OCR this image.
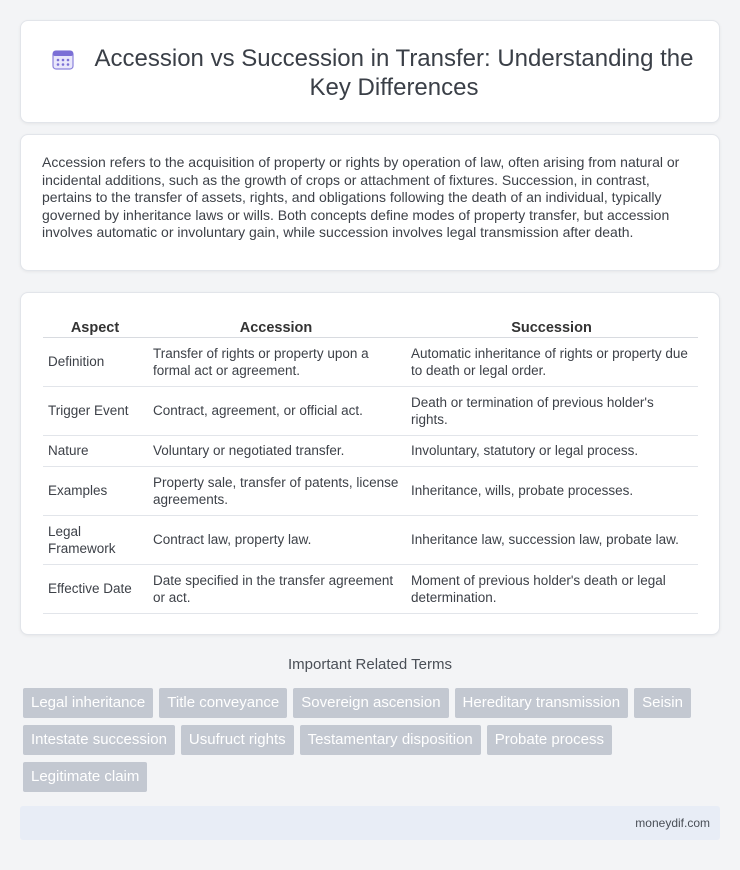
Accession vs Succession in Transfer: Understanding the Key Differences

Accession refers to the acquisition of property or rights by operation of law, often arising from natural or incidental additions, such as the growth of crops or attachment of fixtures. Succession, in contrast, pertains to the transfer of assets, rights, and obligations following the death of an individual, typically governed by inheritance laws or wills. Both concepts define modes of property transfer, but accession involves automatic or involuntary gain, while succession involves legal transmission after death.

Aspect	Accession	Succession
Definition	Transfer of rights or property upon a formal act or agreement.	Automatic inheritance of rights or property due to death or legal order.
Trigger Event	Contract, agreement, or official act.	Death or termination of previous holder's rights.
Nature	Voluntary or negotiated transfer.	Involuntary, statutory or legal process.
Examples	Property sale, transfer of patents, license agreements.	Inheritance, wills, probate processes.
Legal Framework	Contract law, property law.	Inheritance law, succession law, probate law.
Effective Date	Date specified in the transfer agreement or act.	Moment of previous holder's death or legal determination.
Important Related Terms
Legal inheritance	Title conveyance	Sovereign ascension	Hereditary transmission	Seisin
Intestate succession	Usufruct rights	Testamentary disposition	Probate process
Legitimate claim
moneydif.com
